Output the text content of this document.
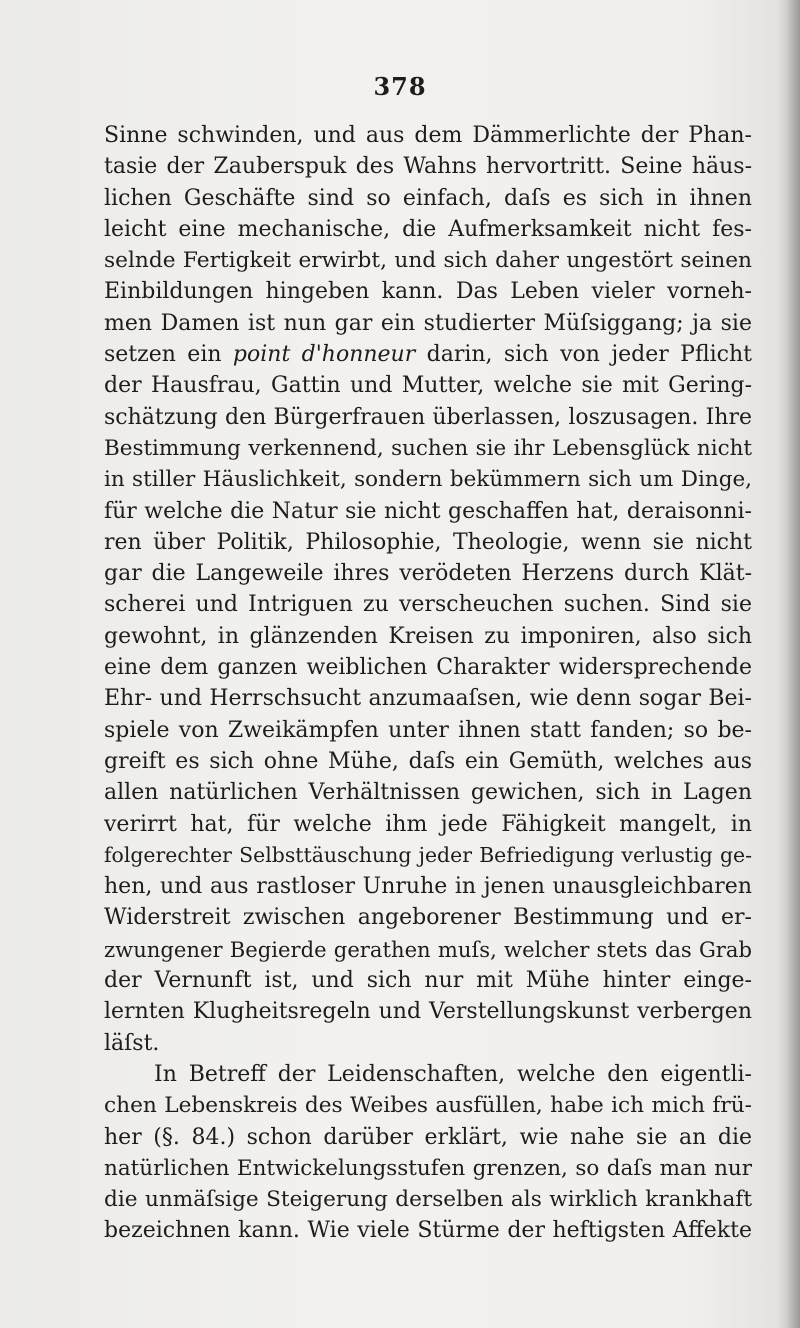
378
Sinne schwinden, und aus dem Dämmerlichte der Phan-
tasie der Zauberspuk des Wahns hervortritt. Seine häus-
lichen Geschäfte sind so einfach, daſs es sich in ihnen
leicht eine mechanische, die Aufmerksamkeit nicht fes-
selnde Fertigkeit erwirbt, und sich daher ungestört seinen
Einbildungen hingeben kann. Das Leben vieler vorneh-
men Damen ist nun gar ein studierter Müſsiggang; ja sie
setzen ein point d'honneur darin, sich von jeder Pflicht
der Hausfrau, Gattin und Mutter, welche sie mit Gering-
schätzung den Bürgerfrauen überlassen, loszusagen. Ihre
Bestimmung verkennend, suchen sie ihr Lebensglück nicht
in stiller Häuslichkeit, sondern bekümmern sich um Dinge,
für welche die Natur sie nicht geschaffen hat, deraisonni-
ren über Politik, Philosophie, Theologie, wenn sie nicht
gar die Langeweile ihres verödeten Herzens durch Klät-
scherei und Intriguen zu verscheuchen suchen. Sind sie
gewohnt, in glänzenden Kreisen zu imponiren, also sich
eine dem ganzen weiblichen Charakter widersprechende
Ehr- und Herrschsucht anzumaaſsen, wie denn sogar Bei-
spiele von Zweikämpfen unter ihnen statt fanden; so be-
greift es sich ohne Mühe, daſs ein Gemüth, welches aus
allen natürlichen Verhältnissen gewichen, sich in Lagen
verirrt hat, für welche ihm jede Fähigkeit mangelt, in
folgerechter Selbsttäuschung jeder Befriedigung verlustig ge-
hen, und aus rastloser Unruhe in jenen unausgleichbaren
Widerstreit zwischen angeborener Bestimmung und er-
zwungener Begierde gerathen muſs, welcher stets das Grab
der Vernunft ist, und sich nur mit Mühe hinter einge-
lernten Klugheitsregeln und Verstellungskunst verbergen
läſst.
In Betreff der Leidenschaften, welche den eigentli-
chen Lebenskreis des Weibes ausfüllen, habe ich mich frü-
her (§. 84.) schon darüber erklärt, wie nahe sie an die
natürlichen Entwickelungsstufen grenzen, so daſs man nur
die unmäſsige Steigerung derselben als wirklich krankhaft
bezeichnen kann. Wie viele Stürme der heftigsten Affekte
